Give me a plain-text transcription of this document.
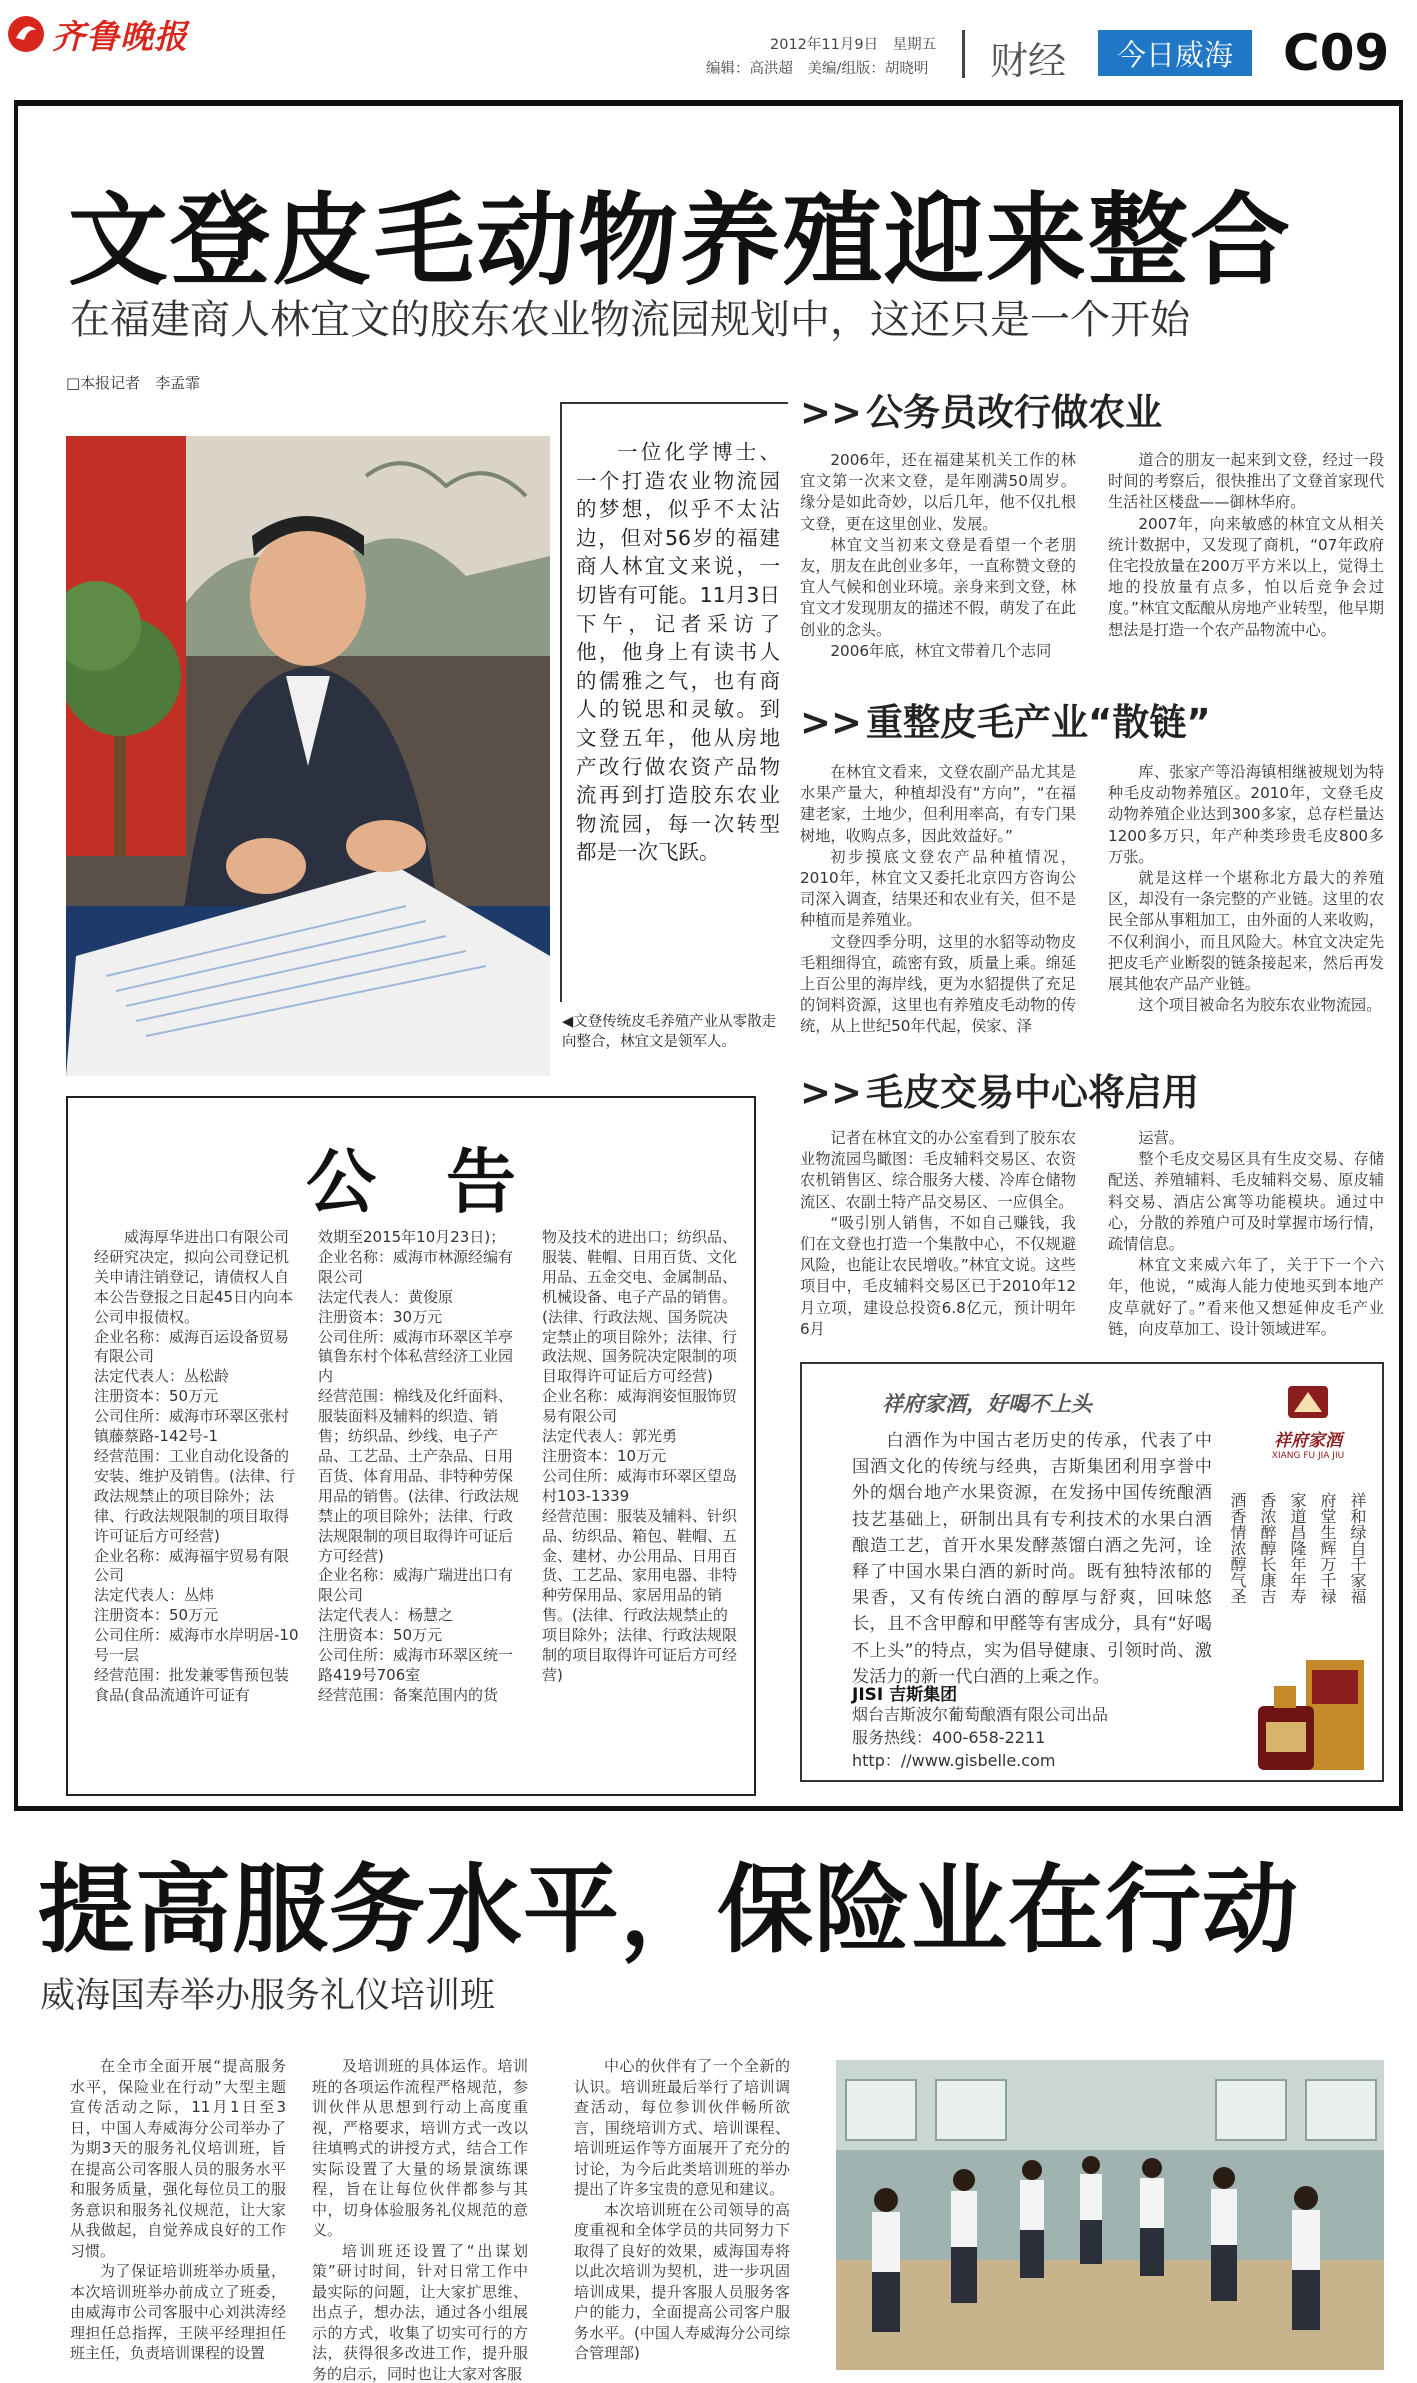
齐鲁晚报	2012年11月9日　星期五
编辑：高洪超　美编/组版：胡晓明 财经 今日威海 C09
文登皮毛动物养殖迎来整合
在福建商人林宜文的胶东农业物流园规划中，这还只是一个开始
□本报记者　李孟霏
一位化学博士、一个打造农业物流园的梦想，似乎不太沾边，但对56岁的福建商人林宜文来说，一切皆有可能。11月3日下午，记者采访了他，他身上有读书人的儒雅之气，也有商人的锐思和灵敏。到文登五年，他从房地产改行做农资产品物流再到打造胶东农业物流园，每一次转型都是一次飞跃。
◀文登传统皮毛养殖产业从零散走向整合，林宜文是领军人。
>> 公务员改行做农业

2006年，还在福建某机关工作的林宜文第一次来文登，是年刚满50周岁。缘分是如此奇妙，以后几年，他不仅扎根文登，更在这里创业、发展。

林宜文当初来文登是看望一个老朋友，朋友在此创业多年，一直称赞文登的宜人气候和创业环境。亲身来到文登，林宜文才发现朋友的描述不假，萌发了在此创业的念头。

2006年底，林宜文带着几个志同

道合的朋友一起来到文登，经过一段时间的考察后，很快推出了文登首家现代生活社区楼盘——御林华府。

2007年，向来敏感的林宜文从相关统计数据中，又发现了商机，“07年政府住宅投放量在200万平方米以上，觉得土地的投放量有点多，怕以后竞争会过度。”林宜文酝酿从房地产业转型，他早期想法是打造一个农产品物流中心。

>> 重整皮毛产业“散链”

在林宜文看来，文登农副产品尤其是水果产量大，种植却没有“方向”，“在福建老家，土地少，但利用率高，有专门果树地，收购点多，因此效益好。”

初步摸底文登农产品种植情况，2010年，林宜文又委托北京四方咨询公司深入调查，结果还和农业有关，但不是种植而是养殖业。

文登四季分明，这里的水貂等动物皮毛粗细得宜，疏密有致，质量上乘。绵延上百公里的海岸线，更为水貂提供了充足的饲料资源，这里也有养殖皮毛动物的传统，从上世纪50年代起，侯家、泽

库、张家产等沿海镇相继被规划为特种毛皮动物养殖区。2010年，文登毛皮动物养殖企业达到300多家，总存栏量达1200多万只，年产种类珍贵毛皮800多万张。

就是这样一个堪称北方最大的养殖区，却没有一条完整的产业链。这里的农民全部从事粗加工，由外面的人来收购，不仅利润小，而且风险大。林宜文决定先把皮毛产业断裂的链条接起来，然后再发展其他农产品产业链。

这个项目被命名为胶东农业物流园。

>> 毛皮交易中心将启用

记者在林宜文的办公室看到了胶东农业物流园鸟瞰图：毛皮辅料交易区、农资农机销售区、综合服务大楼、冷库仓储物流区、农副土特产品交易区、一应俱全。

“吸引别人销售，不如自己赚钱，我们在文登也打造一个集散中心，不仅规避风险，也能让农民增收。”林宜文说。这些项目中，毛皮辅料交易区已于2010年12月立项，建设总投资6.8亿元，预计明年6月

运营。

整个毛皮交易区具有生皮交易、存储配送、养殖辅料、毛皮辅料交易、原皮辅料交易、酒店公寓等功能模块。通过中心，分散的养殖户可及时掌握市场行情，疏情信息。

林宜文来威六年了，关于下一个六年，他说，“威海人能力使地买到本地产皮草就好了。”看来他又想延伸皮毛产业链，向皮草加工、设计领域进军。

公　告
　　威海厚华进出口有限公司经研究决定，拟向公司登记机关申请注销登记，请债权人自本公告登报之日起45日内向本公司申报债权。
企业名称：威海百运设备贸易有限公司
法定代表人：丛松龄
注册资本：50万元
公司住所：威海市环翠区张村镇藤蔡路-142号-1
经营范围：工业自动化设备的安装、维护及销售。(法律、行政法规禁止的项目除外；法律、行政法规限制的项目取得许可证后方可经营)
企业名称：威海福宇贸易有限公司
法定代表人：丛炜
注册资本：50万元
公司住所：威海市水岸明居-10号一层
经营范围：批发兼零售预包装食品(食品流通许可证有
效期至2015年10月23日)；
企业名称：威海市林源经编有限公司
法定代表人：黄俊原
注册资本：30万元
公司住所：威海市环翠区羊亭镇鲁东村个体私营经济工业园内
经营范围：棉线及化纤面料、服装面料及辅料的织造、销售；纺织品、纱线、电子产品、工艺品、土产杂品、日用百货、体育用品、非特种劳保用品的销售。(法律、行政法规禁止的项目除外；法律、行政法规限制的项目取得许可证后方可经营)
企业名称：威海广瑞进出口有限公司
法定代表人：杨慧之
注册资本：50万元
公司住所：威海市环翠区统一路419号706室
经营范围：备案范围内的货
物及技术的进出口；纺织品、服装、鞋帽、日用百货、文化用品、五金交电、金属制品、机械设备、电子产品的销售。(法律、行政法规、国务院决定禁止的项目除外；法律、行政法规、国务院决定限制的项目取得许可证后方可经营)
企业名称：威海润姿恒服饰贸易有限公司
法定代表人：郭光勇
注册资本：10万元
公司住所：威海市环翠区望岛村103-1339
经营范围：服装及辅料、针织品、纺织品、箱包、鞋帽、五金、建材、办公用品、日用百货、工艺品、家用电器、非特种劳保用品、家居用品的销售。(法律、行政法规禁止的项目除外；法律、行政法规限制的项目取得许可证后方可经营)
祥府家酒，好喝不上头
白酒作为中国古老历史的传承，代表了中国酒文化的传统与经典，吉斯集团利用享誉中外的烟台地产水果资源，在发扬中国传统酿酒技艺基础上，研制出具有专利技术的水果白酒酿造工艺，首开水果发酵蒸馏白酒之先河，诠释了中国水果白酒的新时尚。既有独特浓郁的果香，又有传统白酒的醇厚与舒爽，回味悠长，且不含甲醇和甲醛等有害成分，具有“好喝不上头”的特点，实为倡导健康、引领时尚、激发活力的新一代白酒的上乘之作。
祥府家酒
XIANG FU JIA JIU
祥和绿自千家福
府堂生辉万千禄
家道昌隆年年寿
香浓醉醇长康吉
酒香情浓醇气圣
JISI 吉斯集团
烟台吉斯波尔葡萄酿酒有限公司出品
服务热线：400-658-2211
http：//www.gisbelle.com
提高服务水平，保险业在行动
威海国寿举办服务礼仪培训班

在全市全面开展“提高服务水平，保险业在行动”大型主题宣传活动之际，11月1日至3日，中国人寿威海分公司举办了为期3天的服务礼仪培训班，旨在提高公司客服人员的服务水平和服务质量，强化每位员工的服务意识和服务礼仪规范，让大家从我做起，自觉养成良好的工作习惯。

为了保证培训班举办质量，本次培训班举办前成立了班委，由威海市公司客服中心刘洪涛经理担任总指挥，王陕平经理担任班主任，负责培训课程的设置

及培训班的具体运作。培训班的各项运作流程严格规范，参训伙伴从思想到行动上高度重视，严格要求，培训方式一改以往填鸭式的讲授方式，结合工作实际设置了大量的场景演练课程，旨在让每位伙伴都参与其中，切身体验服务礼仪规范的意义。

培训班还设置了“出谋划策”研讨时间，针对日常工作中最实际的问题，让大家扩思维、出点子，想办法，通过各小组展示的方式，收集了切实可行的方法，获得很多改进工作，提升服务的启示，同时也让大家对客服

中心的伙伴有了一个全新的认识。培训班最后举行了培训调查活动，每位参训伙伴畅所欲言，围绕培训方式、培训课程、培训班运作等方面展开了充分的讨论，为今后此类培训班的举办提出了许多宝贵的意见和建议。

本次培训班在公司领导的高度重视和全体学员的共同努力下取得了良好的效果，威海国寿将以此次培训为契机，进一步巩固培训成果，提升客服人员服务客户的能力，全面提高公司客户服务水平。(中国人寿威海分公司综合管理部)
